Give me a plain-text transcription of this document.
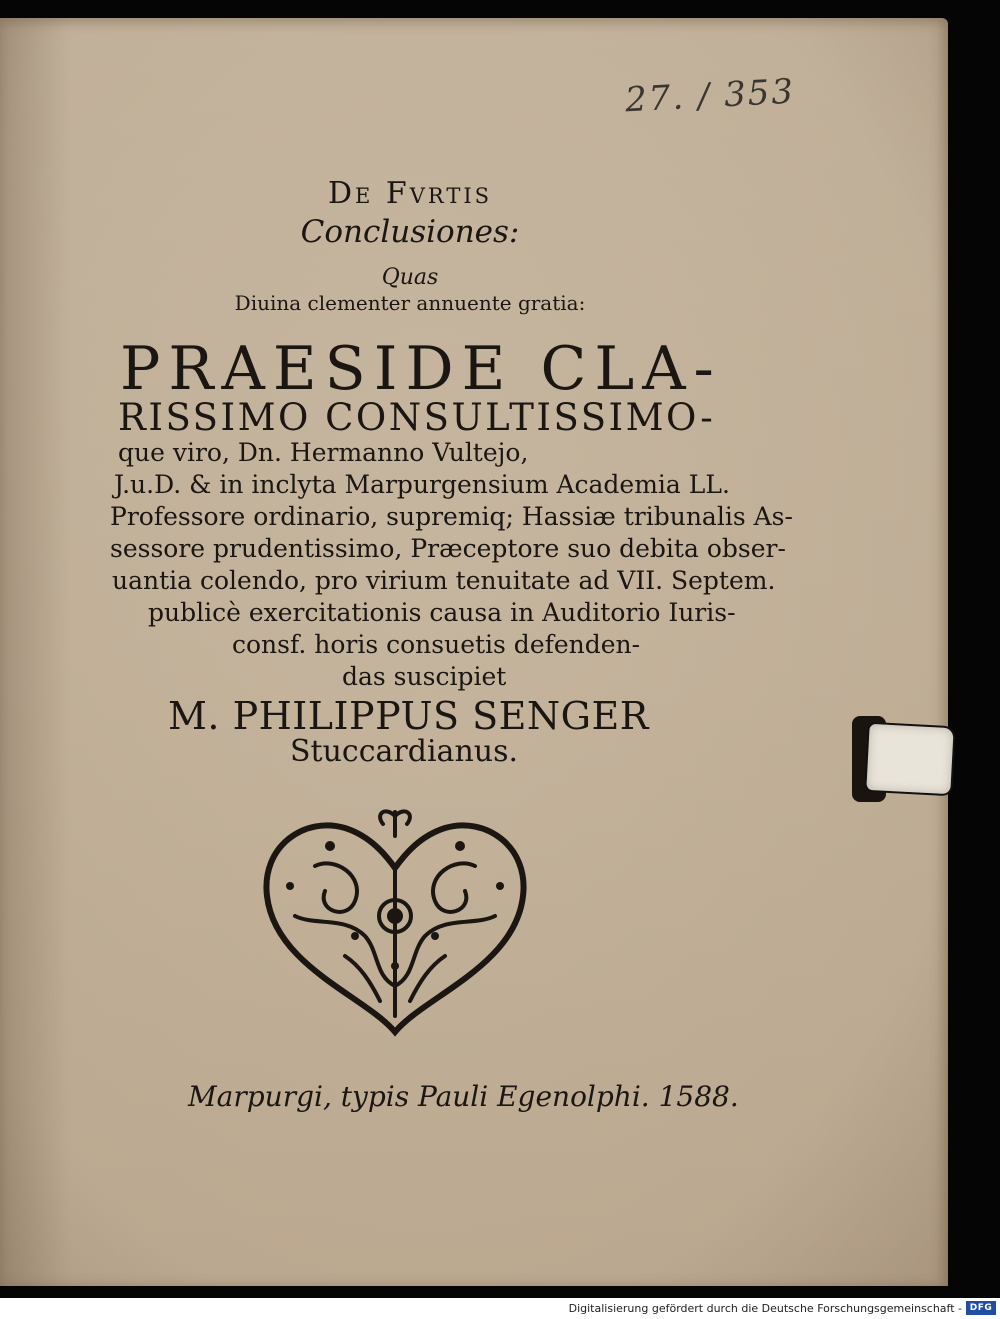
27. / 353
De Fvrtis
Conclusiones:
Quas
Diuina clementer annuente gratia:
PRAESIDE CLA-
RISSIMO CONSULTISSIMO-
que viro, Dn. Hermanno Vultejo,
J.u.D. & in inclyta Marpurgensium Academia LL.
Professore ordinario, supremiq; Hassiæ tribunalis As-
sessore prudentissimo, Præceptore suo debita obser-
uantia colendo, pro virium tenuitate ad VII. Septem.
publicè exercitationis causa in Auditorio Iuris-
consf. horis consuetis defenden-
das suscipiet
M. PHILIPPUS SENGER
Stuccardianus.
Marpurgi, typis Pauli Egenolphi. 1588.
Digitalisierung gefördert durch die Deutsche Forschungsgemeinschaft - DFG
